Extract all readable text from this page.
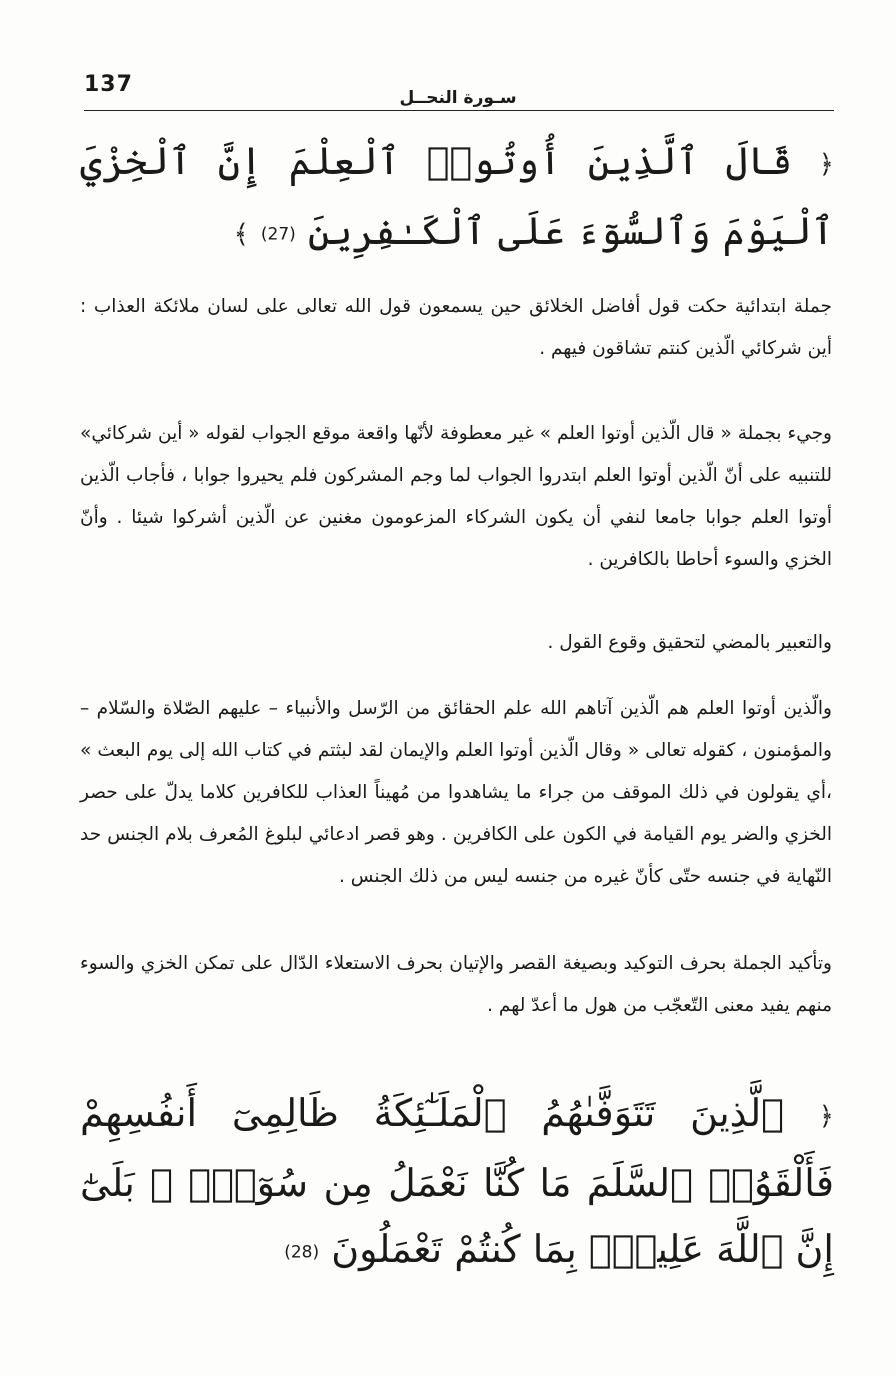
137
سـورة النحــل
﴿ قَالَ ٱلَّذِينَ أُوتُوا۟ ٱلْعِلْمَ إِنَّ ٱلْخِزْيَ ٱلْيَوْمَ وَٱلسُّوٓءَ عَلَى ٱلْكَـٰفِرِينَ (27) ﴾

جملة ابتدائية حكت قول أفاضل الخلائق حين يسمعون قول الله تعالى على لسان ملائكة العذاب : أين شركائي الّذين كنتم تشاقون فيهم .

وجيء بجملة « قال الّذين أوتوا العلم » غير معطوفة لأنّها واقعة موقع الجواب لقوله « أين شركائي» للتنبيه على أنّ الّذين أوتوا العلم ابتدروا الجواب لما وجم المشركون فلم يحيروا جوابا ، فأجاب الّذين أوتوا العلم جوابا جامعا لنفي أن يكون الشركاء المزعومون مغنين عن الّذين أشركوا شيئا . وأنّ الخزي والسوء أحاطا بالكافرين .

والتعبير بالمضي لتحقيق وقوع القول .

والّذين أوتوا العلم هم الّذين آتاهم الله علم الحقائق من الرّسل والأنبياء – عليهم الصّلاة والسّلام – والمؤمنون ، كقوله تعالى « وقال الّذين أوتوا العلم والإيمان لقد لبثتم في كتاب الله إلى يوم البعث » ،أي يقولون في ذلك الموقف من جراء ما يشاهدوا من مُهيناً العذاب للكافرين كلاما يدلّ على حصر الخزي والضر يوم القيامة في الكون على الكافرين . وهو قصر ادعائي لبلوغ المُعرف بلام الجنس حد النّهاية في جنسه حتّى كأنّ غيره من جنسه ليس من ذلك الجنس .

وتأكيد الجملة بحرف التوكيد وبصيغة القصر والإتيان بحرف الاستعلاء الدّال على تمكن الخزي والسوء منهم يفيد معنى التّعجّب من هول ما أعدّ لهم .

﴿ ٱلَّذِينَ تَتَوَفَّىٰهُمُ ٱلْمَلَـٰٓئِكَةُ ظَالِمِىٓ أَنفُسِهِمْ فَأَلْقَوُا۟ ٱلسَّلَمَ مَا كُنَّا نَعْمَلُ مِن سُوٓءٍۭ ۚ بَلَىٰٓ إِنَّ ٱللَّهَ عَلِيمٌۢ بِمَا كُنتُمْ تَعْمَلُونَ (28)
